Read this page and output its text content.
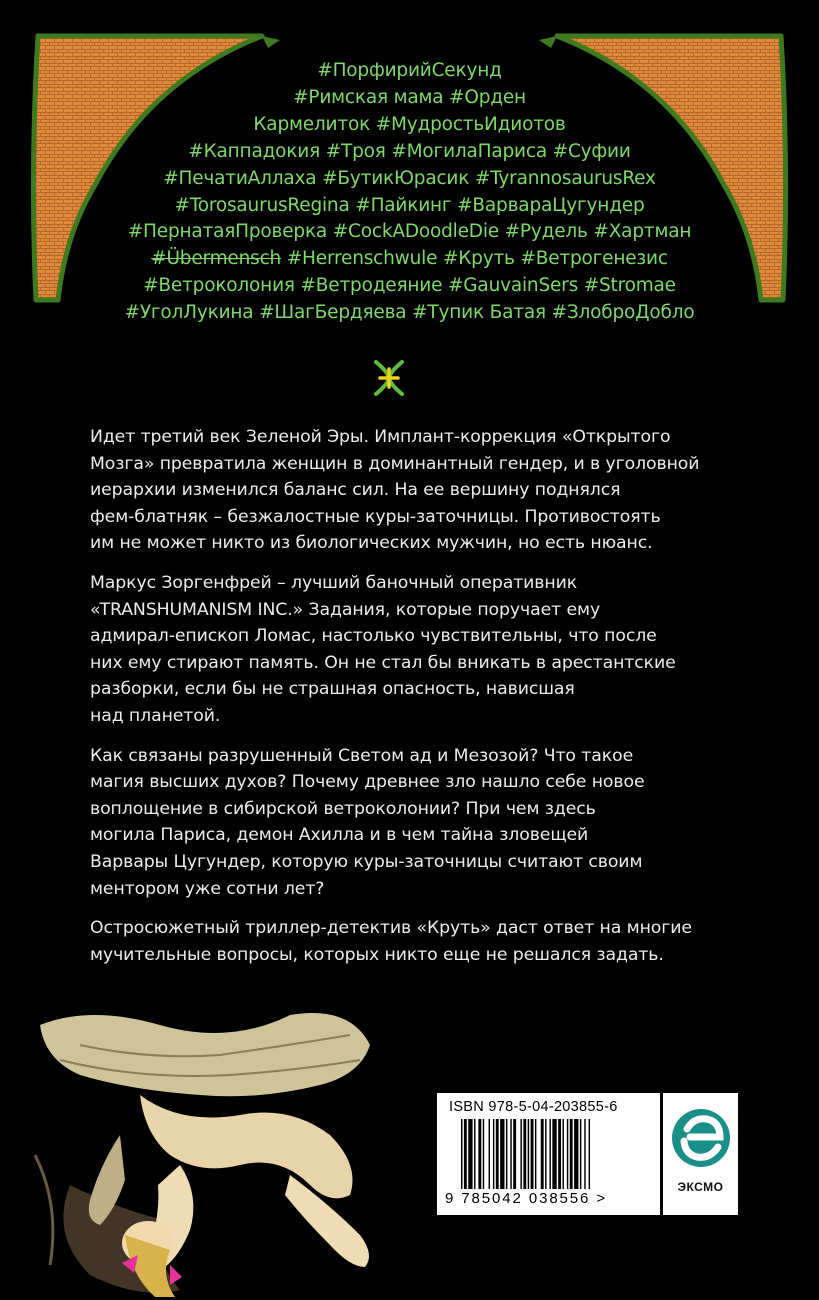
#ПорфирийСекунд
#Римская мама #Орден
Кармелиток #МудростьИдиотов
#Каппадокия #Троя #МогилаПариса #Суфии
#ПечатиАллаха #БутикЮрасик #TyrannosaurusRex
#TorosaurusRegina #Пайкинг #ВарвараЦугундер
#ПернатаяПроверка #CockADoodleDie #Рудель #Хартман
#Übermensch #Herrenschwule #Круть #Ветрогенезис
#Ветроколония #Ветродеяние #GauvainSers #Stromae
#УголЛукина #ШагБердяева #Тупик Батая #ЗлоброДобло

Идет третий век Зеленой Эры. Имплант-коррекция «Открытого
Мозга» превратила женщин в доминантный гендер, и в уголовной
иерархии изменился баланс сил. На ее вершину поднялся
фем-блатняк – безжалостные куры-заточницы. Противостоять
им не может никто из биологических мужчин, но есть нюанс.

Маркус Зоргенфрей – лучший баночный оперативник
«TRANSHUMANISM INC.» Задания, которые поручает ему
адмирал-епископ Ломас, настолько чувствительны, что после
них ему стирают память. Он не стал бы вникать в арестантские
разборки, если бы не страшная опасность, нависшая
над планетой.

Как связаны разрушенный Светом ад и Мезозой? Что такое
магия высших духов? Почему древнее зло нашло себе новое
воплощение в сибирской ветроколонии? При чем здесь
могила Париса, демон Ахилла и в чем тайна зловещей
Варвары Цугундер, которую куры-заточницы считают своим
ментором уже сотни лет?

Остросюжетный триллер-детектив «Круть» даст ответ на многие
мучительные вопросы, которых никто еще не решался задать.

ISBN 978-5-04-203855-6
9 785042 038556 >
ЭКСМО
